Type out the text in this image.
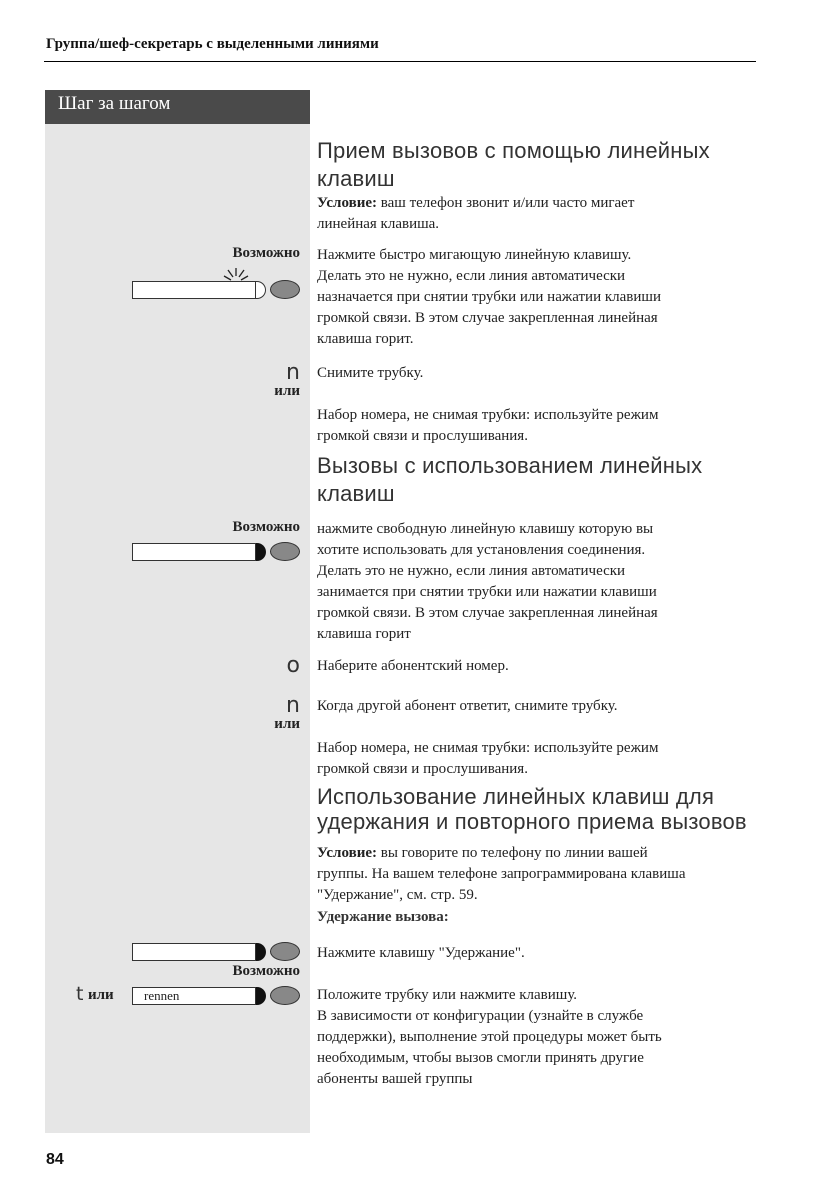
Группа/шеф-секретарь с выделенными линиями
Шаг за шагом
Прием вызовов с помощью линейных
клавиш
Условие: ваш телефон звонит и/или часто мигает
линейная клавиша.
Возможно Нажмите быстро мигающую линейную клавишу.
Делать это не нужно, если линия автоматически
назначается при снятии трубки или нажатии клавиши
громкой связи. В этом случае закрепленная линейная
клавиша горит.
n Снимите трубку.
или
Набор номера, не снимая трубки: используйте режим
громкой связи и прослушивания.
Вызовы с использованием линейных
клавиш
Возможно нажмите свободную линейную клавишу которую вы
хотите использовать для установления соединения.
Делать это не нужно, если линия автоматически
занимается при снятии трубки или нажатии клавиши
громкой связи. В этом случае закрепленная линейная
клавиша горит
o Наберите абонентский номер.
n Когда другой абонент ответит, снимите трубку.
или
Набор номера, не снимая трубки: используйте режим
громкой связи и прослушивания.
Использование линейных клавиш для
удержания и повторного приема вызовов
Условие: вы говорите по телефону по линии вашей
группы. На вашем телефоне запрограммирована клавиша
"Удержание", см. стр. 59.
Удержание вызова:
Нажмите клавишу "Удержание".
Возможно
t или rennen	Положите трубку или нажмите клавишу.
В зависимости от конфигурации (узнайте в службе
поддержки), выполнение этой процедуры может быть
необходимым, чтобы вызов смогли принять другие
абоненты вашей группы
84
